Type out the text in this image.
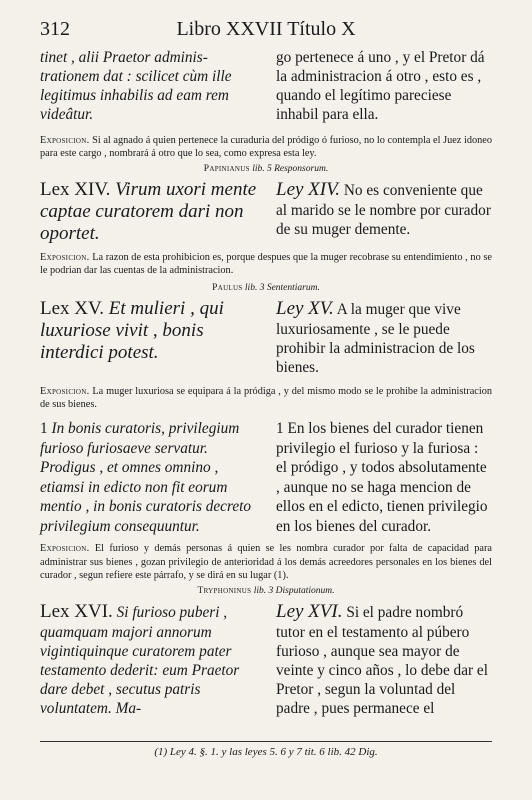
312	Libro XXVII Título X
tinet , alii Praetor adminis- trationem dat : scilicet cùm ille legitimus inhabilis ad eam rem videâtur.
go pertenece á uno , y el Pretor dá la administracion á otro , esto es , quando el legítimo pareciese inhabil para ella.

Exposicion. Si al agnado á quien pertenece la curaduria del pródigo ó furioso, no lo contempla el Juez idoneo para este cargo , nombrará á otro que lo sea, como expresa esta ley.

Papinianus lib. 5 Responsorum.
Lex XIV. Virum uxori mente captae curatorem dari non oportet.
Ley XIV. No es conveniente que al marido se le nombre por curador de su muger demente.

Exposicion. La razon de esta prohibicion es, porque despues que la muger recobrase su entendimiento , no se le podrian dar las cuentas de la administracion.

Paulus lib. 3 Sententiarum.
Lex XV. Et mulieri , qui luxuriose vivit , bonis interdici potest.
Ley XV. A la muger que vive luxuriosamente , se le puede prohibir la administracion de los bienes.

Exposicion. La muger luxuriosa se equipara á la pródiga , y del mismo modo se le prohibe la administracion de sus bienes.

1 In bonis curatoris, privilegium furioso furiosaeve servatur. Prodigus , et omnes omnino , etiamsi in edicto non fit eorum mentio , in bonis curatoris decreto privilegium consequuntur.
1 En los bienes del curador tienen privilegio el furioso y la furiosa : el pródigo , y todos absolutamente , aunque no se haga mencion de ellos en el edicto, tienen privilegio en los bienes del curador.

Exposicion. El furioso y demás personas á quien se les nombra curador por falta de capacidad para administrar sus bienes , gozan privilegio de anterioridad á los demás acreedores personales en los bienes del curador , segun refiere este párrafo, y se dirá en su lugar (1).

Tryphoninus lib. 3 Disputationum.
Lex XVI. Si furioso puberi , quamquam majori annorum vigintiquinque curatorem pater testamento dederit: eum Praetor dare debet , secutus patris voluntatem. Ma-
Ley XVI. Si el padre nombró tutor en el testamento al púbero furioso , aunque sea mayor de veinte y cinco años , lo debe dar el Pretor , segun la voluntad del padre , pues permanece el
(1) Ley 4. §. 1. y las leyes 5. 6 y 7 tit. 6 lib. 42 Dig.
